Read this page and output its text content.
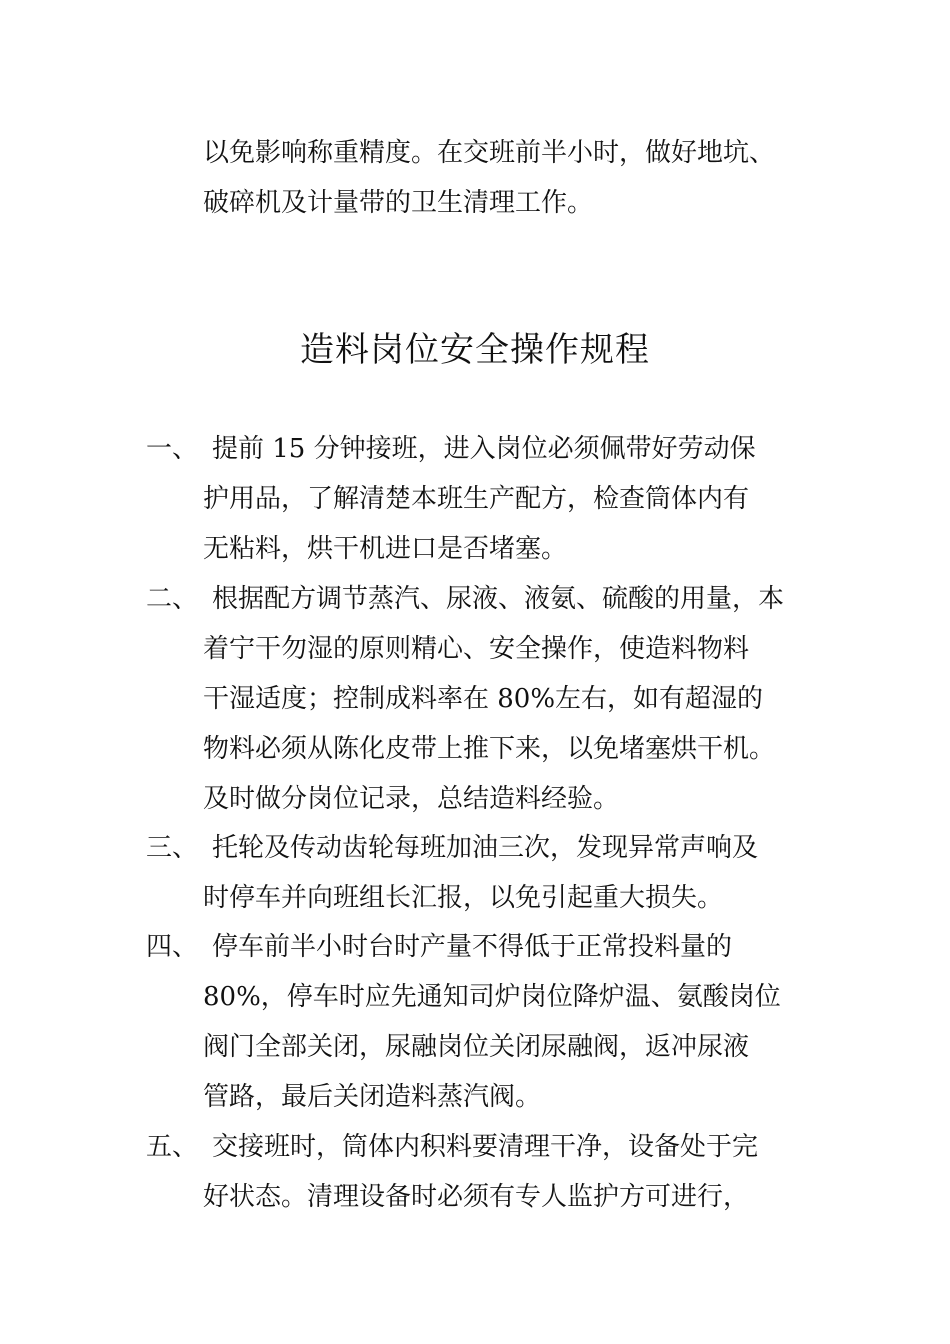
以免影响称重精度。在交班前半小时，做好地坑、
破碎机及计量带的卫生清理工作。
造料岗位安全操作规程
一、 提前 15 分钟接班，进入岗位必须佩带好劳动保
护用品，了解清楚本班生产配方，检查筒体内有
无粘料，烘干机进口是否堵塞。
二、 根据配方调节蒸汽、尿液、液氨、硫酸的用量，本
着宁干勿湿的原则精心、安全操作，使造料物料
干湿适度；控制成料率在 80%左右，如有超湿的
物料必须从陈化皮带上推下来，以免堵塞烘干机。
及时做分岗位记录，总结造料经验。
三、 托轮及传动齿轮每班加油三次，发现异常声响及
时停车并向班组长汇报，以免引起重大损失。
四、 停车前半小时台时产量不得低于正常投料量的
80%，停车时应先通知司炉岗位降炉温、氨酸岗位
阀门全部关闭，尿融岗位关闭尿融阀，返冲尿液
管路，最后关闭造料蒸汽阀。
五、 交接班时，筒体内积料要清理干净，设备处于完
好状态。清理设备时必须有专人监护方可进行，
